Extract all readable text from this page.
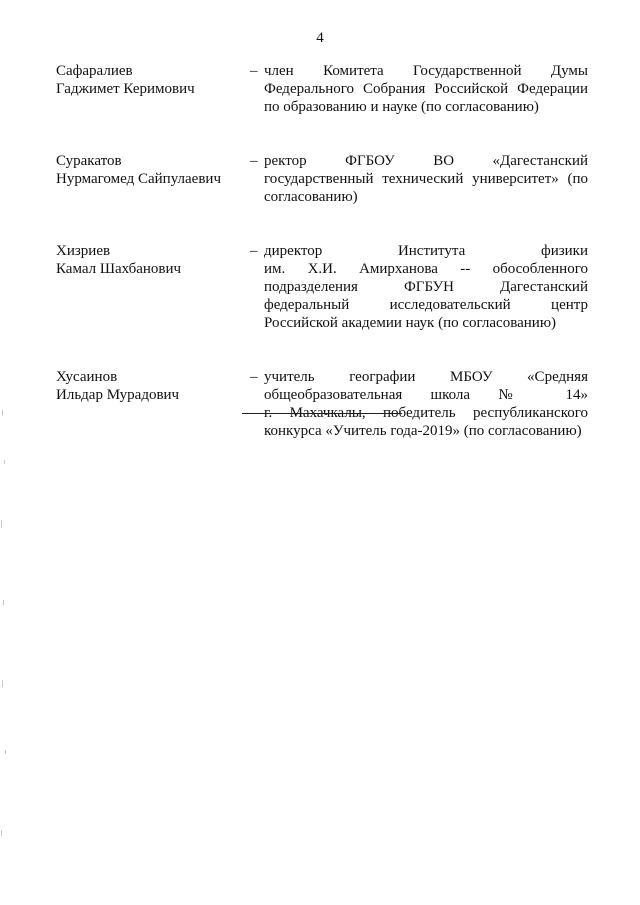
4
Сафаралиев
Гаджимет Керимович
– член Комитета Государственной Думы
Федерального Собрания Российской Федерации
по образованию и науке (по согласованию)
Суракатов
Нурмагомед Сайпулаевич
– ректор ФГБОУ ВО «Дагестанский
государственный технический университет» (по
согласованию)
Хизриев
Камал Шахбанович
– директор Института физики
им. Х.И. Амирханова -- обособленного
подразделения ФГБУН Дагестанский
федеральный исследовательский центр
Российской академии наук (по согласованию)
Хусаинов
Ильдар Мурадович
– учитель географии МБОУ «Средняя
общеобразовательная школа № 14»
г. Махачкалы, победитель республиканского
конкурса «Учитель года-2019» (по согласованию)
